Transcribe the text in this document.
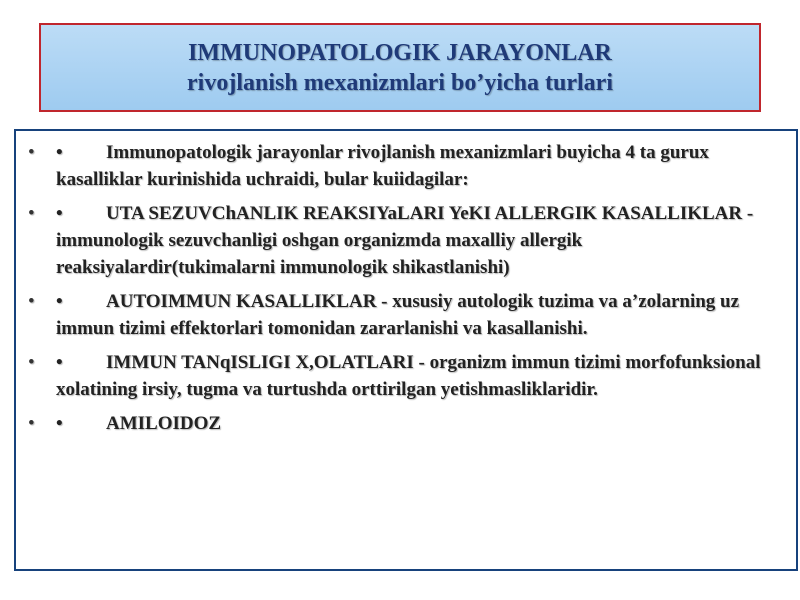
IMMUNOPATOLOGIK JARAYONLAR
rivojlanish mexanizmlari bo’yicha turlari
• • Immunopatologik jarayonlar rivojlanish mexanizmlari buyicha 4 ta gurux kasalliklar kurinishida uchraidi, bular kuiidagilar:
• • UTA SEZUVChANLIK REAKSIYaLARI YeKI ALLERGIK KASALLIKLAR - immunologik sezuvchanligi oshgan organizmda maxalliy allergik reaksiyalardir(tukimalarni immunologik shikastlanishi)
• • AUTOIMMUN KASALLIKLAR - xususiy autologik tuzima va a’zolarning uz immun tizimi effektorlari tomonidan zararlanishi va kasallanishi.
• • IMMUN TANqISLIGI X,OLATLARI - organizm immun tizimi morfofunksional xolatining irsiy, tugma va turtushda orttirilgan yetishmasliklaridir.
• • AMILOIDOZ
